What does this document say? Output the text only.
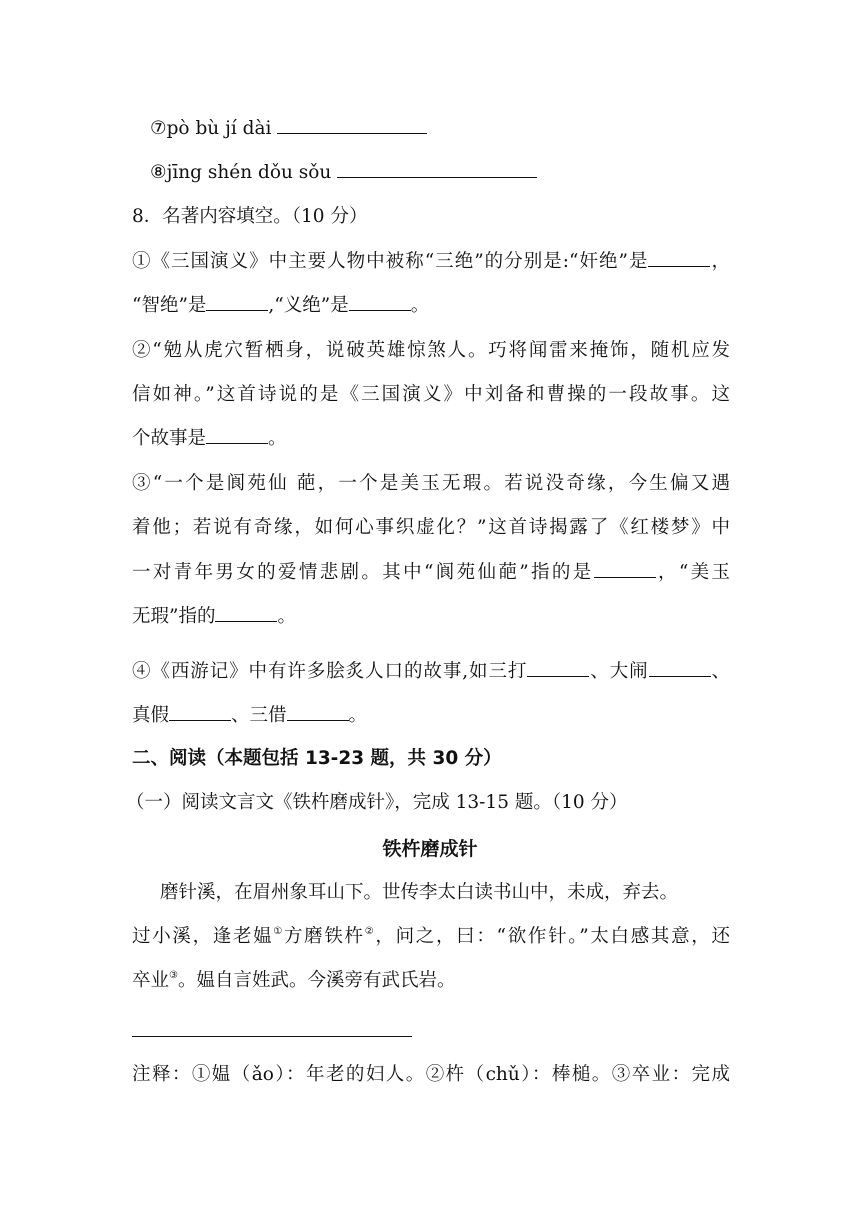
⑦pò bù jí dài
⑧jīng shén dǒu sǒu
8．名著内容填空。（10 分）
①《三国演义》中主要人物中被称“三绝”的分别是:“奸绝”是	，
“智绝”是	,“义绝”是	。
②“勉从虎穴暂栖身，说破英雄惊煞人。巧将闻雷来掩饰，随机应发
信如神。”这首诗说的是《三国演义》中刘备和曹操的一段故事。这
个故事是	。
③“一个是阆苑仙 葩，一个是美玉无瑕。若说没奇缘，今生偏又遇
着他；若说有奇缘，如何心事织虚化？”这首诗揭露了《红楼梦》中
一对青年男女的爱情悲剧。其中“阆苑仙葩”指的是	，“美玉
无瑕”指的	。
④《西游记》中有许多脍炙人口的故事,如三打	、大闹	、
真假	、三借	。
二、阅读（本题包括 13-23 题，共 30 分）
（一）阅读文言文《铁杵磨成针》，完成 13-15 题。（10 分）
铁杵磨成针
磨针溪，在眉州象耳山下。世传李太白读书山中，未成，弃去。
过小溪，逢老媪①方磨铁杵②，问之，曰：“欲作针。”太白感其意，还
卒业③。媪自言姓武。今溪旁有武氏岩。
注释：①媪（ǎo）：年老的妇人。②杵（chǔ）：棒槌。③卒业：完成
